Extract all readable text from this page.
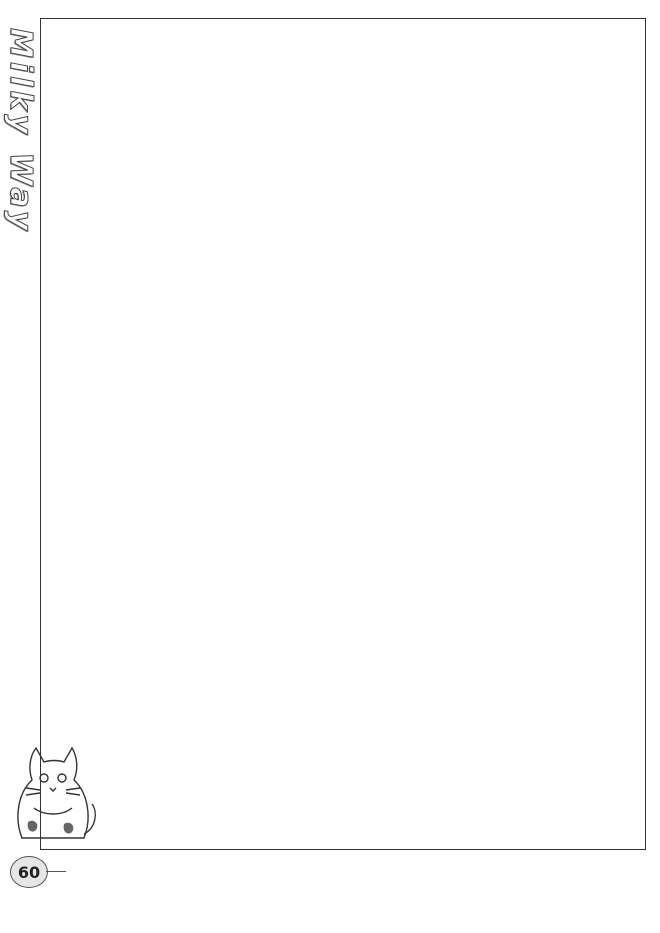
Milky Way
60
